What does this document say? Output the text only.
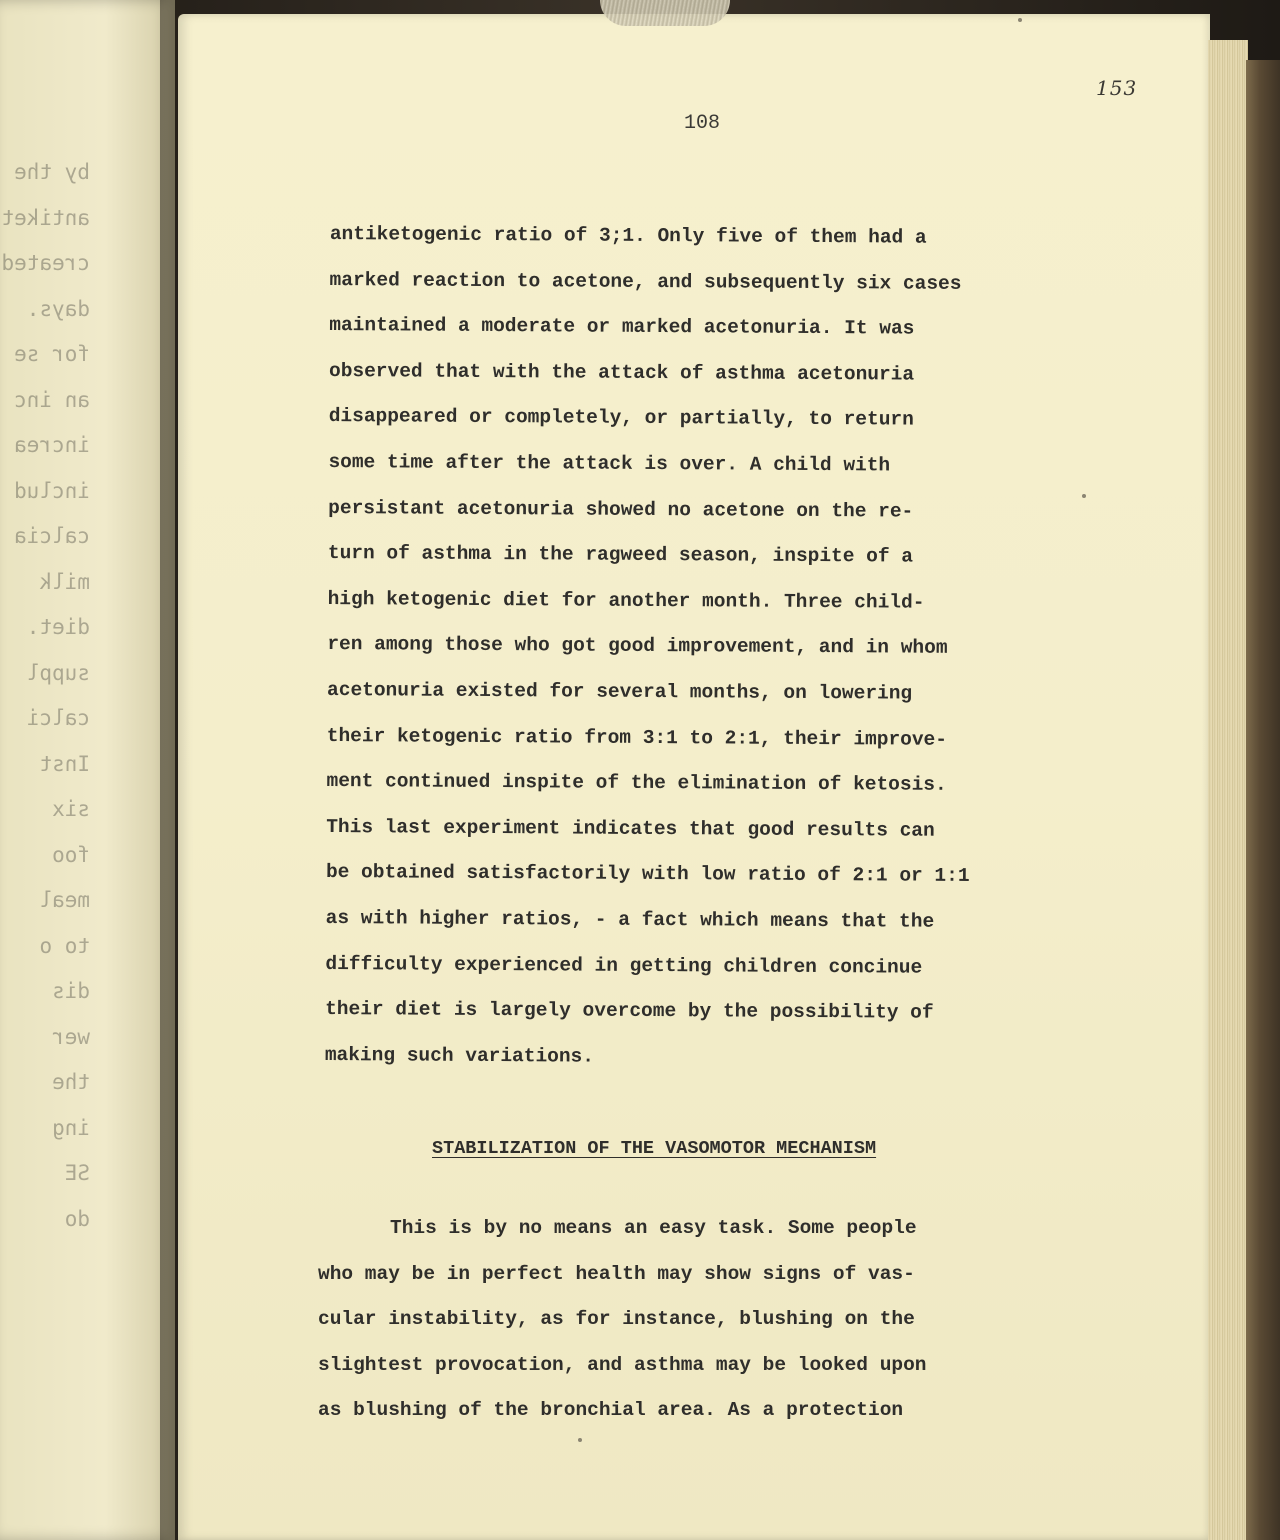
by the
antiket
created
days.
for se
an inc
increa
includ
calcia
milk
diet.
suppl
calci
Inst
six
foo
meal
to o
dis
wer
the
ing
SE
do
153
108
antiketogenic ratio of 3;1. Only five of them had a
marked reaction to acetone, and subsequently six cases
maintained a moderate or marked acetonuria. It was
observed that with the attack of asthma acetonuria
disappeared or completely, or partially, to return
some time after the attack is over. A child with
persistant acetonuria showed no acetone on the re-
turn of asthma in the ragweed season, inspite of a
high ketogenic diet for another month. Three child-
ren among those who got good improvement, and in whom
acetonuria existed for several months, on lowering
their ketogenic ratio from 3:1 to 2:1, their improve-
ment continued inspite of the elimination of ketosis.
This last experiment indicates that good results can
be obtained satisfactorily with low ratio of 2:1 or 1:1
as with higher ratios, - a fact which means that the
difficulty experienced in getting children concinue
their diet is largely overcome by the possibility of
making such variations.
STABILIZATION OF THE VASOMOTOR MECHANISM
This is by no means an easy task. Some people
who may be in perfect health may show signs of vas-
cular instability, as for instance, blushing on the
slightest provocation, and asthma may be looked upon
as blushing of the bronchial area. As a protection
